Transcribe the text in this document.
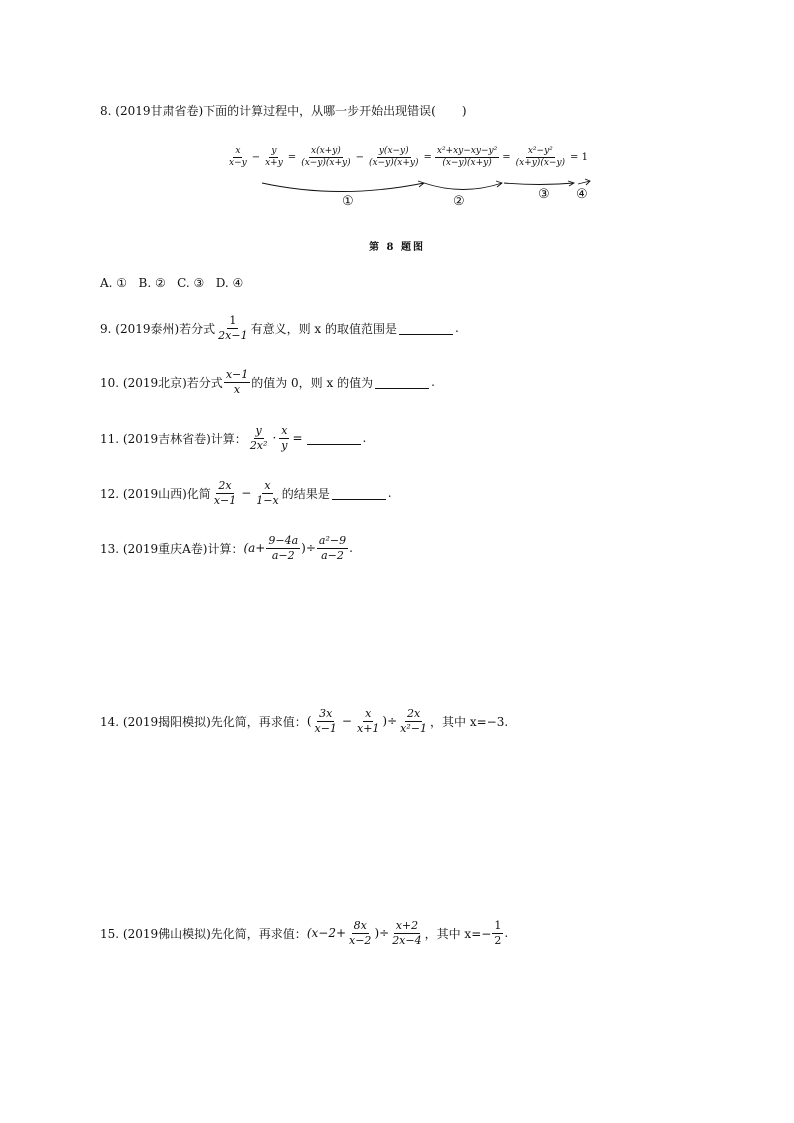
8. (2019甘肃省卷)下面的计算过程中，从哪一步开始出现错误( )
$\frac{x}{x-y} - \frac{y}{x+y} = \frac{x(x+y)}{(x-y)(x+y)} - \frac{y(x-y)}{(x-y)(x+y)} = \frac{\text{x²+xy−xy−y²}}{(x-y)(x+y)} = \frac{\text{x²−y²}}{(x+y)(x-y)} = 1$
①	②	③ ④
第 8 题图
A. ①   B. ②   C. ③   D. ④
9. (2019泰州)若分式 $\frac{1}{2x-1}$ 有意义，则 x 的取值范围是	.
10. (2019北京)若分式 $\frac{x-1}{x}$ 的值为 0，则 x 的值为	.
11. (2019吉林省卷)计算： $\frac{y}{\text{2x²}} \cdot \frac{x}{y}$ =	.
12. (2019山西)化简 $\frac{2x}{x-1} - \frac{x}{1-x}$ 的结果是	.
13. (2019重庆A卷)计算： ($a+ \frac{9-4a}{a-2}$ )÷ $\frac{\text{a²−9}}{a-2}$ .
14. (2019揭阳模拟)先化简，再求值： ( $\frac{3x}{x-1} - \frac{x}{x+1}$ )÷ $\frac{2x}{\text{x²−1}}$ ，其中 x=−3.
15. (2019佛山模拟)先化简，再求值： ($x-2+ \frac{8x}{x-2}$ )÷ $\frac{x+2}{2x-4}$ ，其中 $x=- \frac{1}{2}$ .
